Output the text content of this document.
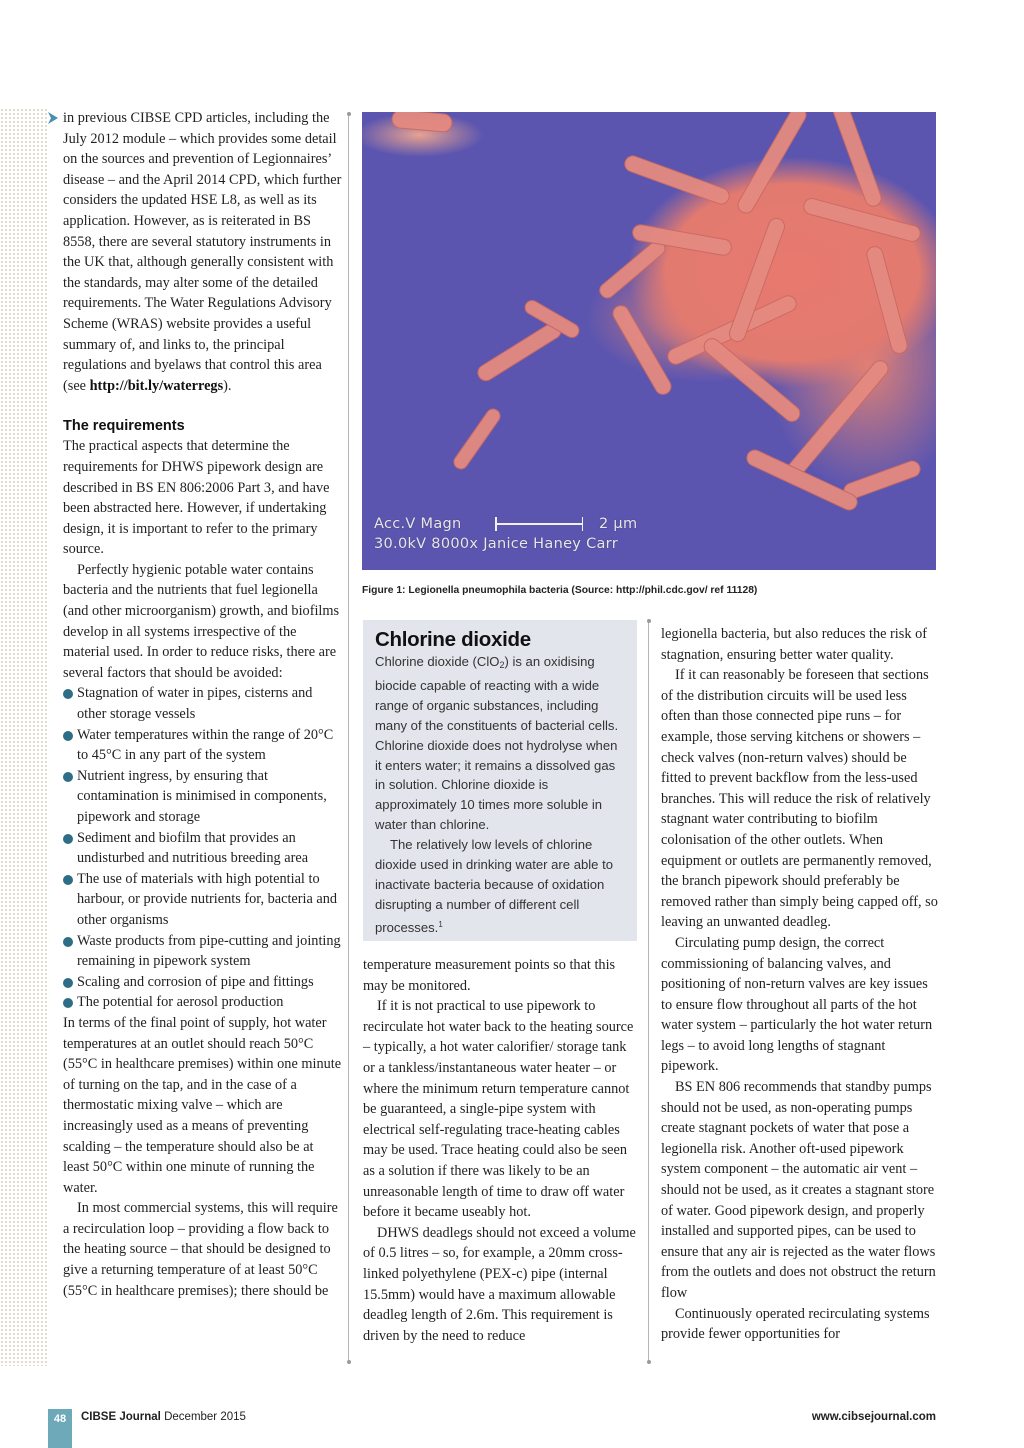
in previous CIBSE CPD articles, including the July 2012 module – which provides some detail on the sources and prevention of Legionnaires’ disease – and the April 2014 CPD, which further considers the updated HSE L8, as well as its application. However, as is reiterated in BS 8558, there are several statutory instruments in the UK that, although generally consistent with the standards, may alter some of the detailed requirements. The Water Regulations Advisory Scheme (WRAS) website provides a useful summary of, and links to, the principal regulations and byelaws that control this area (see http://bit.ly/waterregs).

The requirements

The practical aspects that determine the requirements for DHWS pipework design are described in BS EN 806:2006 Part 3, and have been abstracted here. However, if undertaking design, it is important to refer to the primary source.

Perfectly hygienic potable water contains bacteria and the nutrients that fuel legionella (and other microorganism) growth, and biofilms develop in all systems irrespective of the material used. In order to reduce risks, there are several factors that should be avoided:

Stagnation of water in pipes, cisterns and other storage vessels
Water temperatures within the range of 20°C to 45°C in any part of the system
Nutrient ingress, by ensuring that contamination is minimised in components, pipework and storage
Sediment and biofilm that provides an undisturbed and nutritious breeding area
The use of materials with high potential to harbour, or provide nutrients for, bacteria and other organisms
Waste products from pipe-cutting and jointing remaining in pipework system
Scaling and corrosion of pipe and fittings
The potential for aerosol production

In terms of the final point of supply, hot water temperatures at an outlet should reach 50°C (55°C in healthcare premises) within one minute of turning on the tap, and in the case of a thermostatic mixing valve – which are increasingly used as a means of preventing scalding – the temperature should also be at least 50°C within one minute of running the water.

In most commercial systems, this will require a recirculation loop – providing a flow back to the heating source – that should be designed to give a returning temperature of at least 50°C (55°C in healthcare premises); there should be

Acc.V Magn	2 µm
30.0kV 8000x Janice Haney Carr
Figure 1: Legionella pneumophila bacteria (Source: http://phil.cdc.gov/ ref 11128)
Chlorine dioxide

Chlorine dioxide (ClO$_2$) is an oxidising biocide capable of reacting with a wide range of organic substances, including many of the constituents of bacterial cells. Chlorine dioxide does not hydrolyse when it enters water; it remains a dissolved gas in solution. Chlorine dioxide is approximately 10 times more soluble in water than chlorine.

The relatively low levels of chlorine dioxide used in drinking water are able to inactivate bacteria because of oxidation disrupting a number of different cell processes.$^1$

temperature measurement points so that this may be monitored.

If it is not practical to use pipework to recirculate hot water back to the heating source – typically, a hot water calorifier/ storage tank or a tankless/instantaneous water heater – or where the minimum return temperature cannot be guaranteed, a single-pipe system with electrical self-regulating trace-heating cables may be used. Trace heating could also be seen as a solution if there was likely to be an unreasonable length of time to draw off water before it became useably hot.

DHWS deadlegs should not exceed a volume of 0.5 litres – so, for example, a 20mm cross-linked polyethylene (PEX-c) pipe (internal 15.5mm) would have a maximum allowable deadleg length of 2.6m. This requirement is driven by the need to reduce

legionella bacteria, but also reduces the risk of stagnation, ensuring better water quality.

If it can reasonably be foreseen that sections of the distribution circuits will be used less often than those connected pipe runs – for example, those serving kitchens or showers – check valves (non-return valves) should be fitted to prevent backflow from the less-used branches. This will reduce the risk of relatively stagnant water contributing to biofilm colonisation of the other outlets. When equipment or outlets are permanently removed, the branch pipework should preferably be removed rather than simply being capped off, so leaving an unwanted deadleg.

Circulating pump design, the correct commissioning of balancing valves, and positioning of non-return valves are key issues to ensure flow throughout all parts of the hot water system – particularly the hot water return legs – to avoid long lengths of stagnant pipework.

BS EN 806 recommends that standby pumps should not be used, as non-operating pumps create stagnant pockets of water that pose a legionella risk. Another oft-used pipework system component – the automatic air vent – should not be used, as it creates a stagnant store of water. Good pipework design, and properly installed and supported pipes, can be used to ensure that any air is rejected as the water flows from the outlets and does not obstruct the return flow

Continuously operated recirculating systems provide fewer opportunities for

48	CIBSE Journal December 2015	www.cibsejournal.com
